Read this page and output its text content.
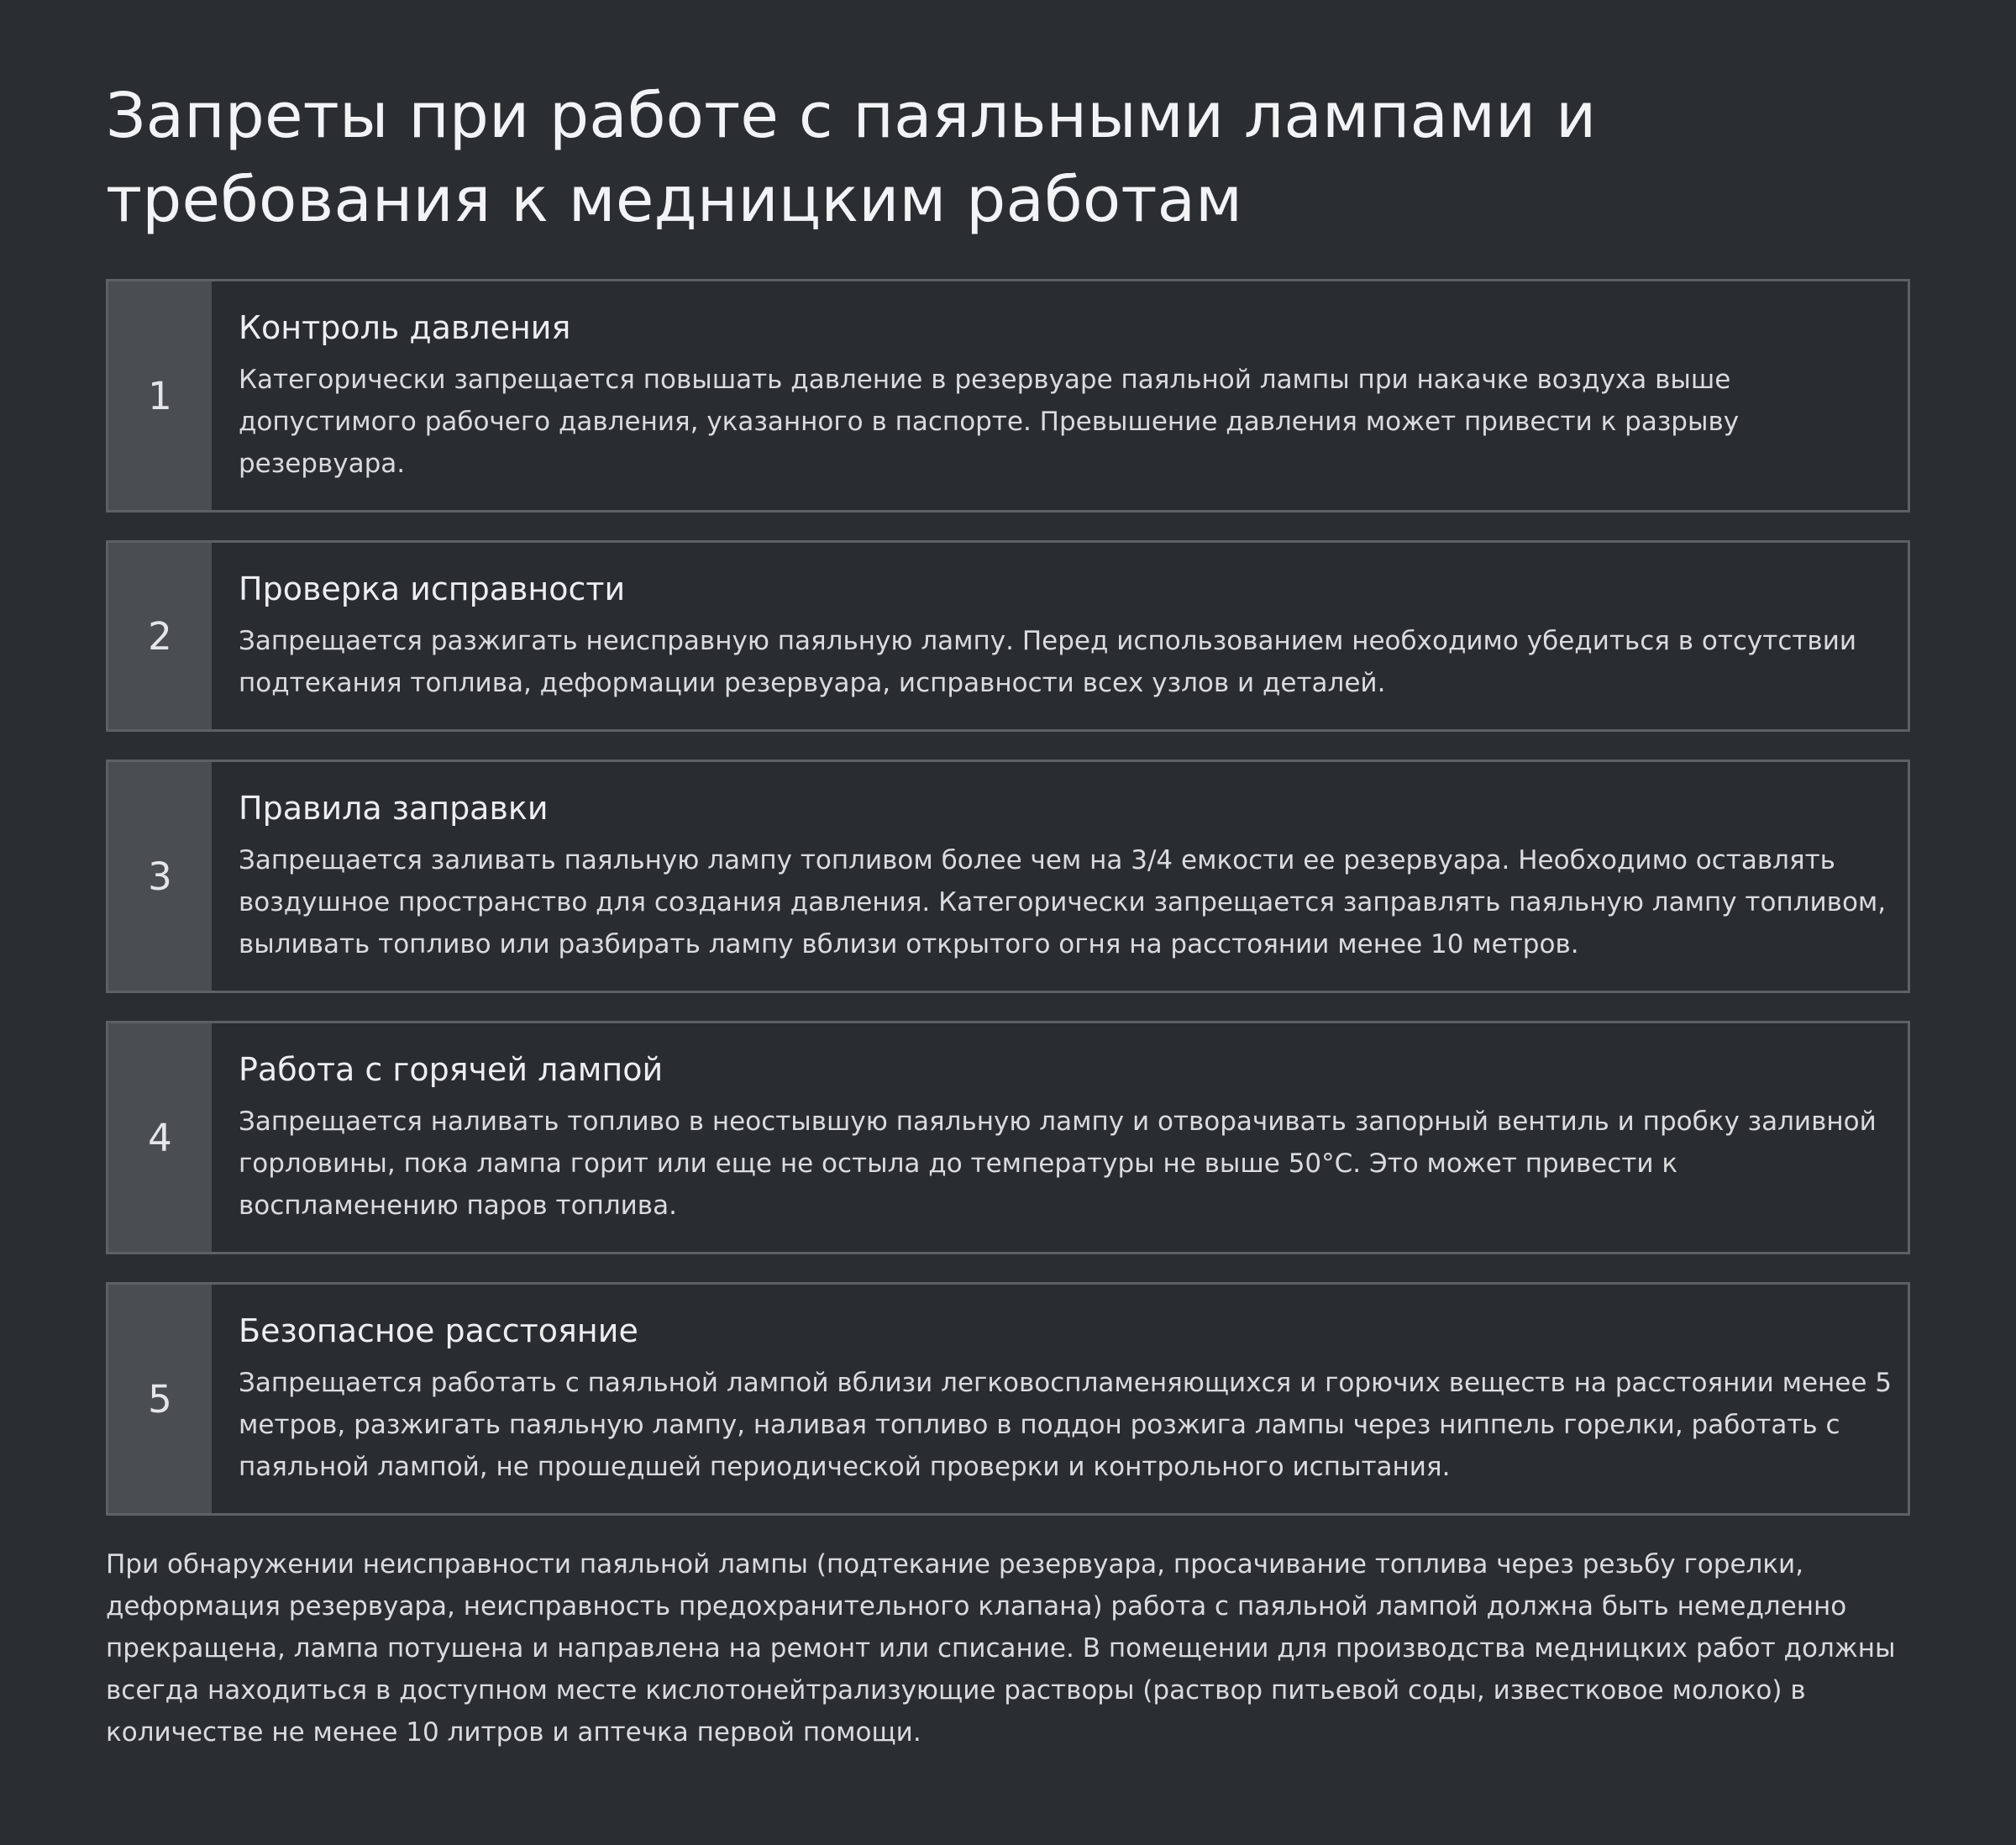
Запреты при работе с паяльными лампами и требования к медницким работам
1
Контроль давления

Категорически запрещается повышать давление в резервуаре паяльной лампы при накачке воздуха выше допустимого рабочего давления, указанного в паспорте. Превышение давления может привести к разрыву резервуара.

2
Проверка исправности

Запрещается разжигать неисправную паяльную лампу. Перед использованием необходимо убедиться в отсутствии подтекания топлива, деформации резервуара, исправности всех узлов и деталей.

3
Правила заправки

Запрещается заливать паяльную лампу топливом более чем на 3/4 емкости ее резервуара. Необходимо оставлять воздушное пространство для создания давления. Категорически запрещается заправлять паяльную лампу топливом, выливать топливо или разбирать лампу вблизи открытого огня на расстоянии менее 10 метров.

4
Работа с горячей лампой

Запрещается наливать топливо в неостывшую паяльную лампу и отворачивать запорный вентиль и пробку заливной горловины, пока лампа горит или еще не остыла до температуры не выше 50°C. Это может привести к воспламенению паров топлива.

5
Безопасное расстояние

Запрещается работать с паяльной лампой вблизи легковоспламеняющихся и горючих веществ на расстоянии менее 5 метров, разжигать паяльную лампу, наливая топливо в поддон розжига лампы через ниппель горелки, работать с паяльной лампой, не прошедшей периодической проверки и контрольного испытания.

При обнаружении неисправности паяльной лампы (подтекание резервуара, просачивание топлива через резьбу горелки, деформация резервуара, неисправность предохранительного клапана) работа с паяльной лампой должна быть немедленно прекращена, лампа потушена и направлена на ремонт или списание. В помещении для производства медницких работ должны всегда находиться в доступном месте кислотонейтрализующие растворы (раствор питьевой соды, известковое молоко) в количестве не менее 10 литров и аптечка первой помощи.
